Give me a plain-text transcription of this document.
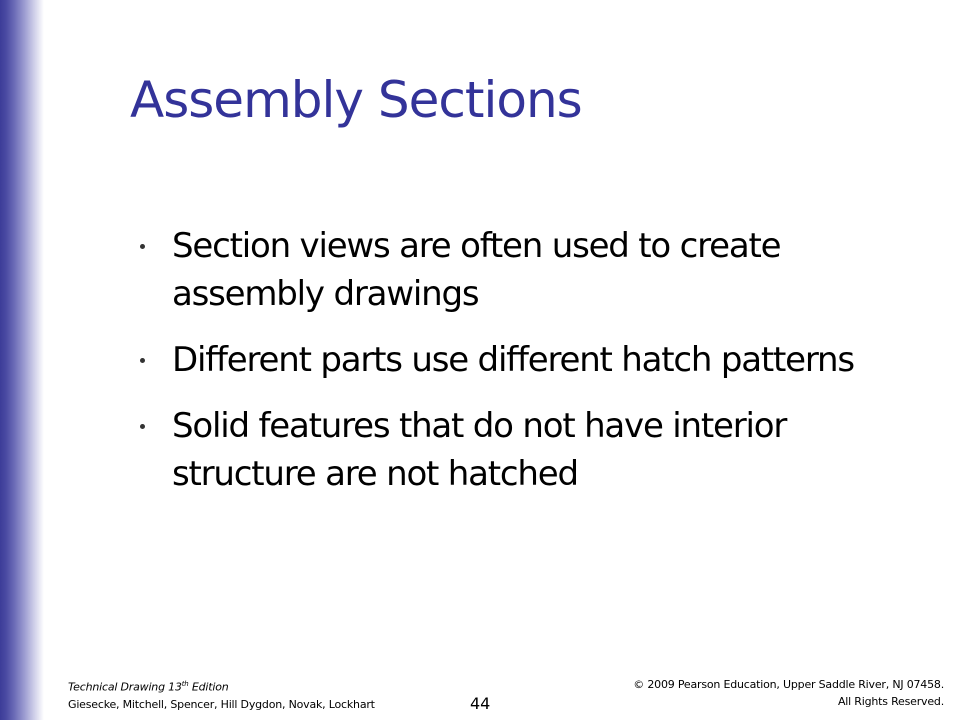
Assembly Sections
Section views are often used to create assembly drawings
Different parts use different hatch patterns
Solid features that do not have interior structure are not hatched
Technical Drawing 13th Edition
Giesecke, Mitchell, Spencer, Hill Dygdon, Novak, Lockhart	44
© 2009 Pearson Education, Upper Saddle River, NJ 07458.
All Rights Reserved.
